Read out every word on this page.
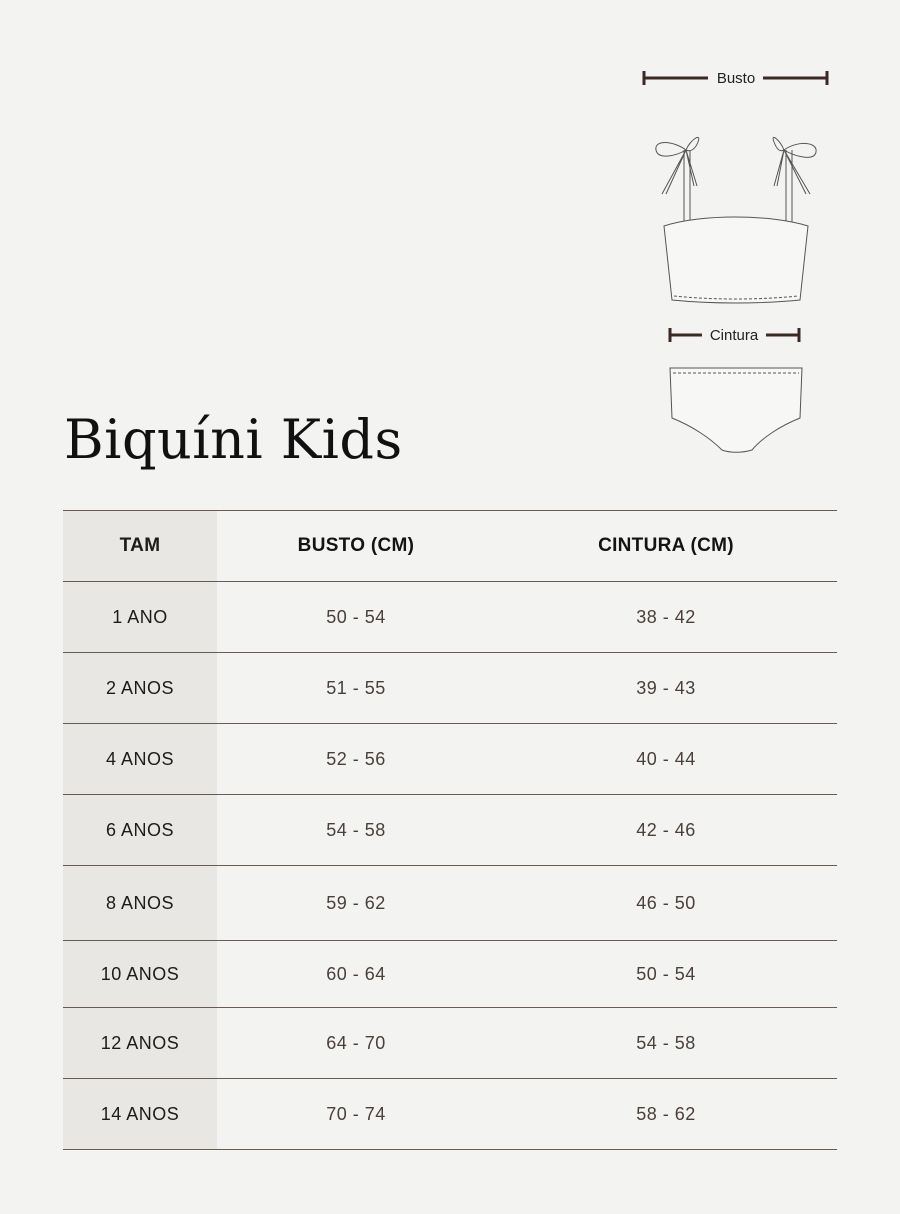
Busto
Cintura
Biquíni Kids
TAM	BUSTO (CM)	CINTURA (CM)
1 ANO	50 - 54	38 - 42
2 ANOS	51 - 55	39 - 43
4 ANOS	52 - 56	40 - 44
6 ANOS	54 - 58	42 - 46
8 ANOS	59 - 62	46 - 50
10 ANOS	60 - 64	50 - 54
12 ANOS	64 - 70	54 - 58
14 ANOS	70 - 74	58 - 62
